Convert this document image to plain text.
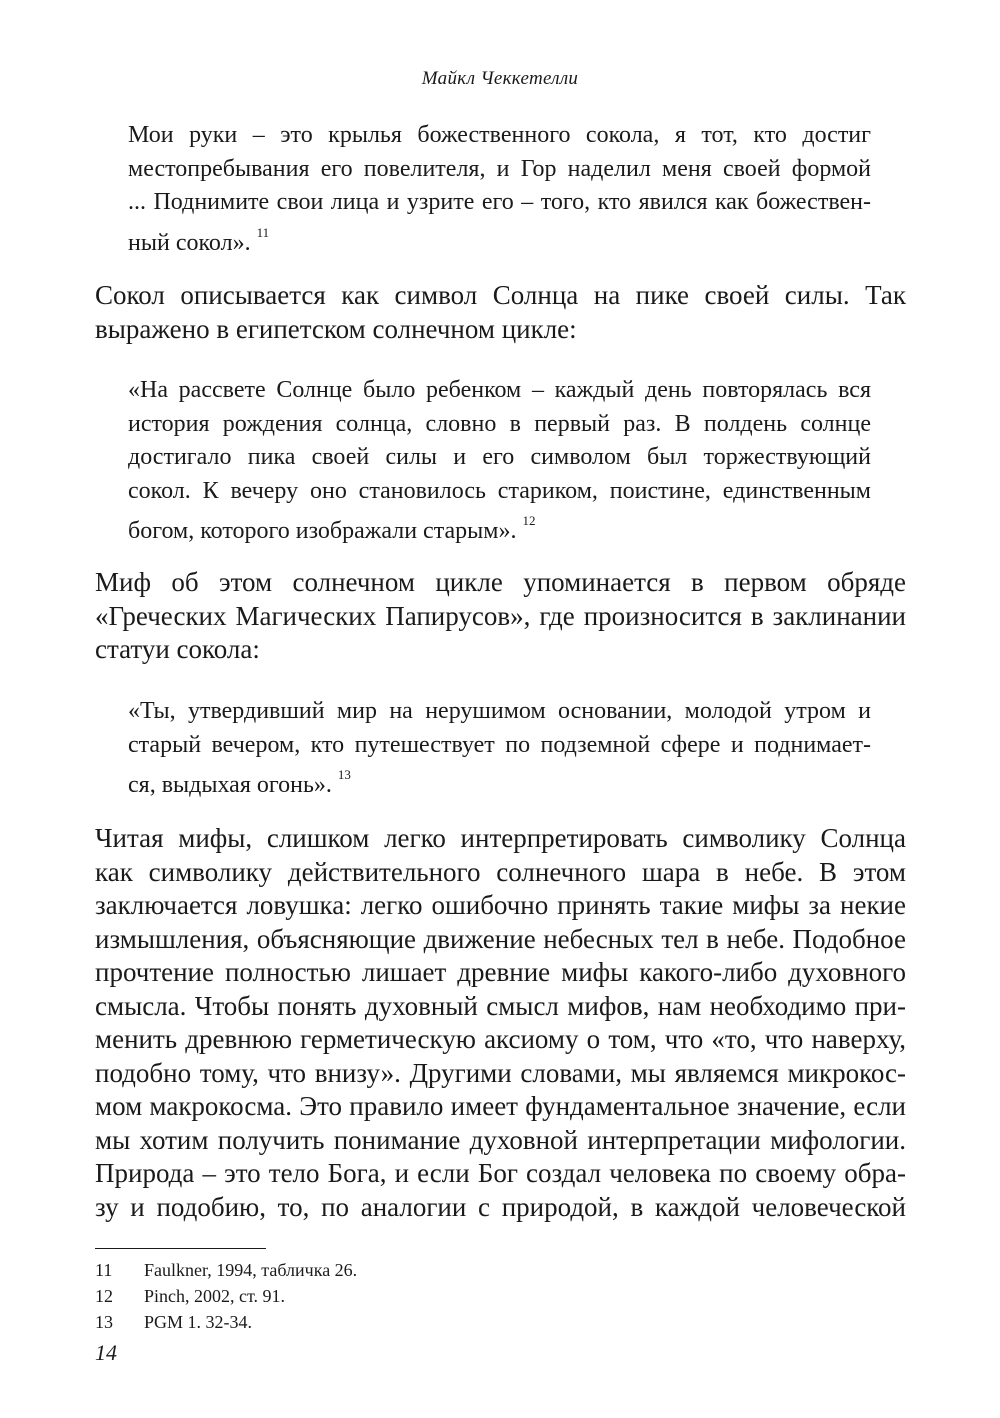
Майкл Чеккетелли
Мои руки – это крылья божественного сокола, я тот, кто достиг
местопребывания его повелителя, и Гор наделил меня своей формой
... Поднимите свои лица и узрите его – того, кто явился как божествен-
ный сокол». $^{11}$
Сокол описывается как символ Солнца на пике своей силы. Так
выражено в египетском солнечном цикле:
«На рассвете Солнце было ребенком – каждый день повторялась вся
история рождения солнца, словно в первый раз. В полдень солнце
достигало пика своей силы и его символом был торжествующий
сокол. К вечеру оно становилось стариком, поистине, единственным
богом, которого изображали старым». $^{12}$
Миф об этом солнечном цикле упоминается в первом обряде
«Греческих Магических Папирусов», где произносится в заклинании
статуи сокола:
«Ты, утвердивший мир на нерушимом основании, молодой утром и
старый вечером, кто путешествует по подземной сфере и поднимает-
ся, выдыхая огонь». $^{13}$
Читая мифы, слишком легко интерпретировать символику Солнца
как символику действительного солнечного шара в небе. В этом
заключается ловушка: легко ошибочно принять такие мифы за некие
измышления, объясняющие движение небесных тел в небе. Подобное
прочтение полностью лишает древние мифы какого-либо духовного
смысла. Чтобы понять духовный смысл мифов, нам необходимо при-
менить древнюю герметическую аксиому о том, что «то, что наверху,
подобно тому, что внизу». Другими словами, мы являемся микрокос-
мом макрокосма. Это правило имеет фундаментальное значение, если
мы хотим получить понимание духовной интерпретации мифологии.
Природа – это тело Бога, и если Бог создал человека по своему обра-
зу и подобию, то, по аналогии с природой, в каждой человеческой
11	Faulkner, 1994, табличка 26.
12	Pinch, 2002, ст. 91.
13	PGM 1. 32-34.
14
